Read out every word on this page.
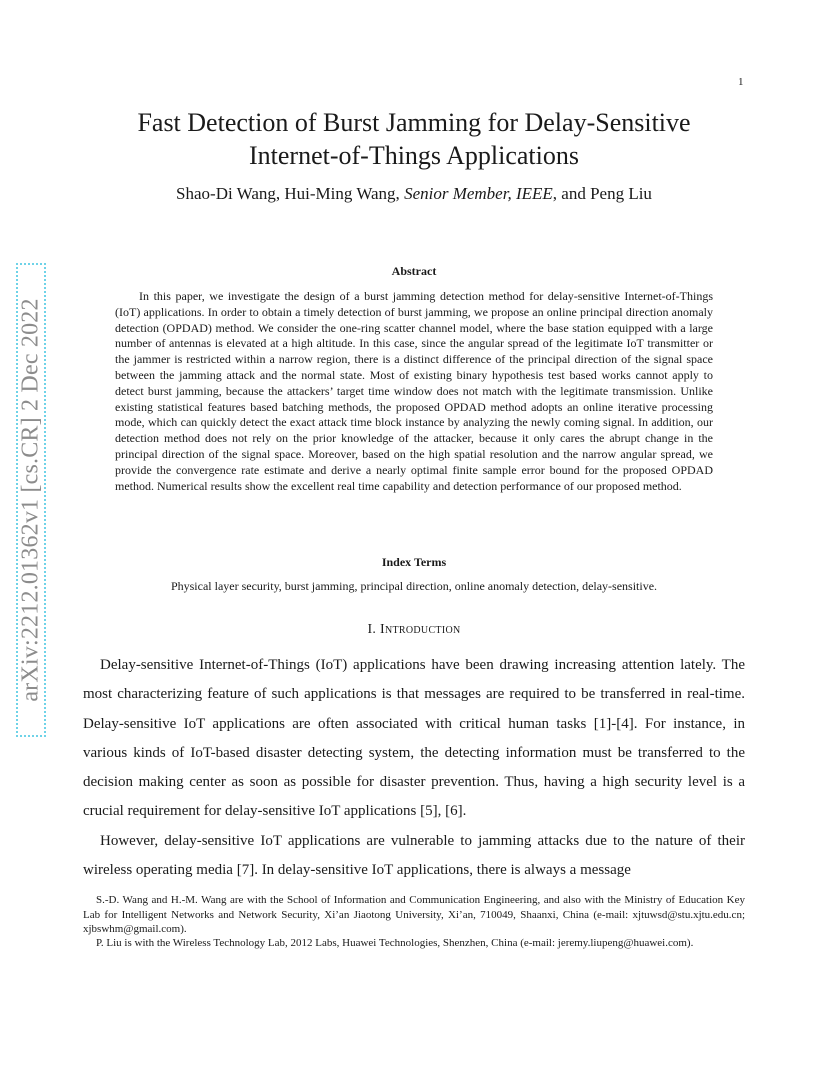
1
arXiv:2212.01362v1 [cs.CR] 2 Dec 2022
Fast Detection of Burst Jamming for Delay-Sensitive
Internet-of-Things Applications
Shao-Di Wang, Hui-Ming Wang, Senior Member, IEEE, and Peng Liu
Abstract

In this paper, we investigate the design of a burst jamming detection method for delay-sensitive Internet-of-Things (IoT) applications. In order to obtain a timely detection of burst jamming, we propose an online principal direction anomaly detection (OPDAD) method. We consider the one-ring scatter channel model, where the base station equipped with a large number of antennas is elevated at a high altitude. In this case, since the angular spread of the legitimate IoT transmitter or the jammer is restricted within a narrow region, there is a distinct difference of the principal direction of the signal space between the jamming attack and the normal state. Most of existing binary hypothesis test based works cannot apply to detect burst jamming, because the attackers’ target time window does not match with the legitimate transmission. Unlike existing statistical features based batching methods, the proposed OPDAD method adopts an online iterative processing mode, which can quickly detect the exact attack time block instance by analyzing the newly coming signal. In addition, our detection method does not rely on the prior knowledge of the attacker, because it only cares the abrupt change in the principal direction of the signal space. Moreover, based on the high spatial resolution and the narrow angular spread, we provide the convergence rate estimate and derive a nearly optimal finite sample error bound for the proposed OPDAD method. Numerical results show the excellent real time capability and detection performance of our proposed method.

Index Terms
Physical layer security, burst jamming, principal direction, online anomaly detection, delay-sensitive.
I. Introduction

Delay-sensitive Internet-of-Things (IoT) applications have been drawing increasing attention lately. The most characterizing feature of such applications is that messages are required to be transferred in real-time. Delay-sensitive IoT applications are often associated with critical human tasks [1]-[4]. For instance, in various kinds of IoT-based disaster detecting system, the detecting information must be transferred to the decision making center as soon as possible for disaster prevention. Thus, having a high security level is a crucial requirement for delay-sensitive IoT applications [5], [6].

However, delay-sensitive IoT applications are vulnerable to jamming attacks due to the nature of their wireless operating media [7]. In delay-sensitive IoT applications, there is always a message

S.-D. Wang and H.-M. Wang are with the School of Information and Communication Engineering, and also with the Ministry of Education Key Lab for Intelligent Networks and Network Security, Xi’an Jiaotong University, Xi’an, 710049, Shaanxi, China (e-mail: xjtuwsd@stu.xjtu.edu.cn; xjbswhm@gmail.com).

P. Liu is with the Wireless Technology Lab, 2012 Labs, Huawei Technologies, Shenzhen, China (e-mail: jeremy.liupeng@huawei.com).
